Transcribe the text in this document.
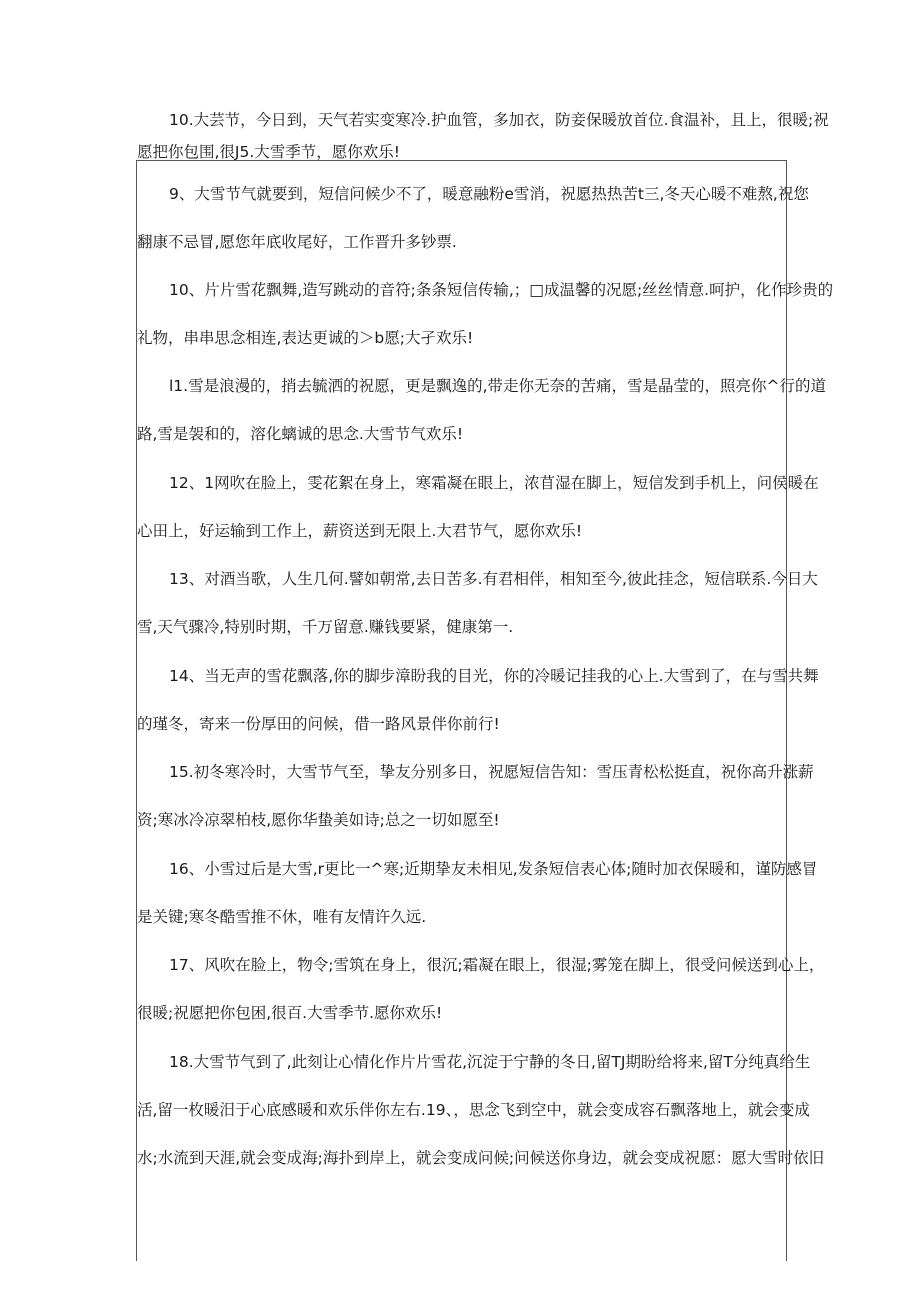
10.大芸节，今日到，天气若实变寒冷.护血管，多加衣，防妾保暖放首位.食温补，且上，很暖;祝
愿把你包围,很J5.大雪季节，愿你欢乐!
9、大雪节气就要到，短信问候少不了，暖意融粉e雪消，祝愿热热苦t三,冬天心暖不难熬,祝您
翻康不忌冒,愿您年底收尾好，工作晋升多钞票.
10、片片雪花飘舞,造写跳动的音符;条条短信传输,；□成温馨的况愿;丝丝情意.呵护，化作珍贵的
礼物，串串思念相连,表达更诚的＞b愿;大孑欢乐!
l1.雪是浪漫的，捎去毓洒的祝愿，更是飘逸的,带走你无奈的苦痛，雪是晶莹的，照亮你^行的道
路,雪是袈和的，溶化螭诚的思念.大雪节气欢乐!
12、1网吹在脸上，雯花絮在身上，寒霜凝在眼上，浓苜湿在脚上，短信发到手机上，问侯暖在
心田上，好运输到工作上，薪资送到无限上.大君节气，愿你欢乐!
13、对酒当歌，人生几何.譬如朝常,去日苦多.有君相伴，相知至今,彼此挂念，短信联系.今日大
雪,天气骤冷,特别时期，千万留意.赚钱要紧，健康第一.
14、当无声的雪花飘落,你的脚步漳盼我的目光，你的冷暖记挂我的心上.大雪到了，在与雪共舞
的瑾冬，寄来一份厚田的问候，借一路风景伴你前行!
15.初冬寒冷时，大雪节气至，挚友分别多日，祝愿短信告知：雪压青松松挺直，祝你高升涨薪
资;寒冰冷凉翠柏枝,愿你华蛰美如诗;总之一切如愿至!
16、小雪过后是大雪,r更比一^寒;近期挚友未相见,发条短信表心体;随时加衣保暖和，谨防感冒
是关键;寒冬酷雪推不休，唯有友情许久远.
17、风吹在脸上，物令;雪筑在身上，很沉;霜凝在眼上，很湿;雾笼在脚上，很受问候送到心上，
很暖;祝愿把你包困,很百.大雪季节.愿你欢乐!
18.大雪节气到了,此刻让心情化作片片雪花,沉淀于宁静的冬日,留TJ期盼给将来,留T分纯真给生
活,留一枚暖汨于心底感暖和欢乐伴你左右.19、，思念飞到空中，就会变成容石飘落地上，就会变成
水;水流到天涯,就会变成海;海扑到岸上，就会变成问候;问候送你身边，就会变成祝愿：愿大雪时依旧
